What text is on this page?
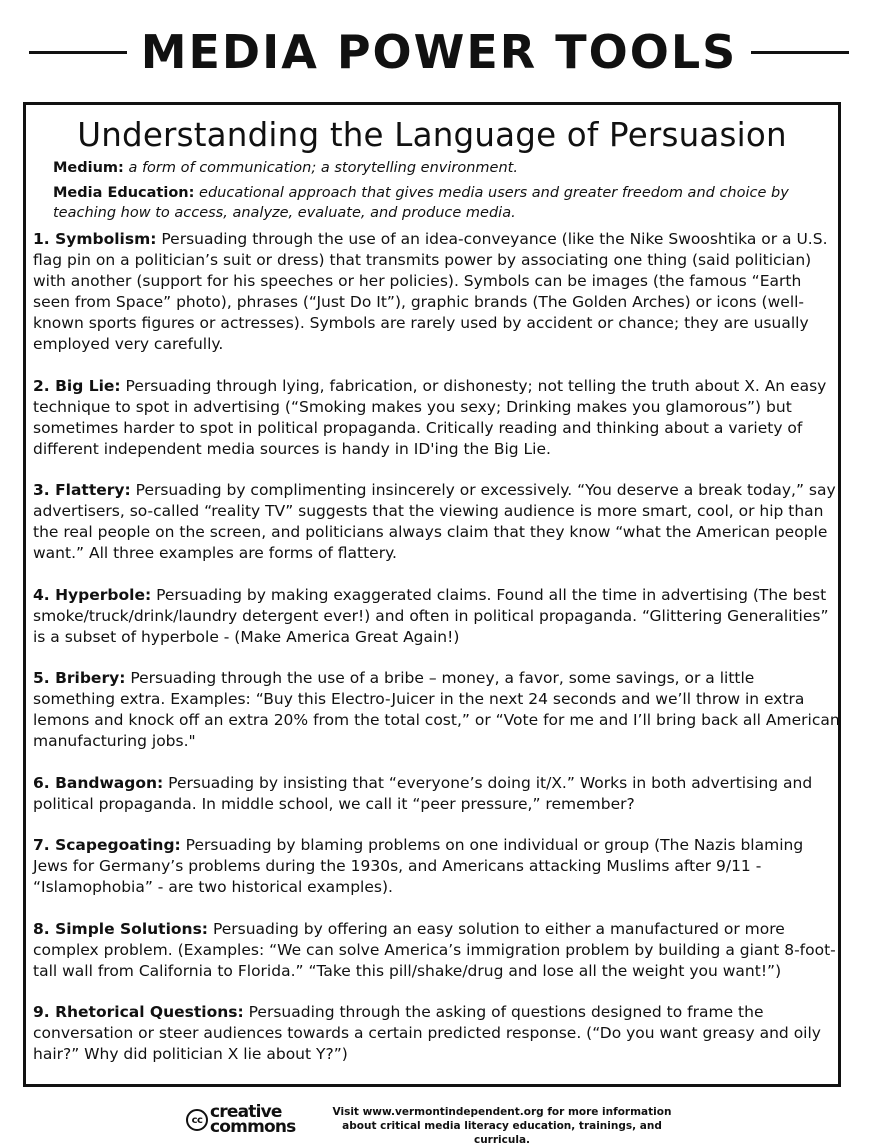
MEDIA POWER TOOLS
Understanding the Language of Persuasion
Medium: a form of communication; a storytelling environment.
Media Education: educational approach that gives media users and greater freedom and choice by teaching how to access, analyze, evaluate, and produce media.

1. Symbolism: Persuading through the use of an idea-conveyance (like the Nike Swooshtika or a U.S. flag pin on a politician’s suit or dress) that transmits power by associating one thing (said politician) with another (support for his speeches or her policies). Symbols can be images (the famous “Earth seen from Space” photo), phrases (“Just Do It”), graphic brands (The Golden Arches) or icons (well-known sports figures or actresses). Symbols are rarely used by accident or chance; they are usually employed very carefully.

2. Big Lie: Persuading through lying, fabrication, or dishonesty; not telling the truth about X. An easy technique to spot in advertising (“Smoking makes you sexy; Drinking makes you glamorous”) but sometimes harder to spot in political propaganda. Critically reading and thinking about a variety of different independent media sources is handy in ID'ing the Big Lie.

3. Flattery: Persuading by complimenting insincerely or excessively. “You deserve a break today,” say advertisers, so-called “reality TV” suggests that the viewing audience is more smart, cool, or hip than the real people on the screen, and politicians always claim that they know “what the American people want.” All three examples are forms of flattery.

4. Hyperbole: Persuading by making exaggerated claims. Found all the time in advertising (The best smoke/truck/drink/laundry detergent ever!) and often in political propaganda. “Glittering Generalities” is a subset of hyperbole - (Make America Great Again!)

5. Bribery: Persuading through the use of a bribe – money, a favor, some savings, or a little something extra. Examples: “Buy this Electro-Juicer in the next 24 seconds and we’ll throw in extra lemons and knock off an extra 20% from the total cost,” or “Vote for me and I’ll bring back all American manufacturing jobs."

6. Bandwagon: Persuading by insisting that “everyone’s doing it/X.” Works in both advertising and political propaganda. In middle school, we call it “peer pressure,” remember?

7. Scapegoating: Persuading by blaming problems on one individual or group (The Nazis blaming Jews for Germany’s problems during the 1930s, and Americans attacking Muslims after 9/11 - “Islamophobia” - are two historical examples).

8. Simple Solutions: Persuading by offering an easy solution to either a manufactured or more complex problem. (Examples: “We can solve America’s immigration problem by building a giant 8-foot-tall wall from California to Florida.” “Take this pill/shake/drug and lose all the weight you want!”)

9. Rhetorical Questions: Persuading through the asking of questions designed to frame the conversation or steer audiences towards a certain predicted response. (“Do you want greasy and oily hair?” Why did politician X lie about Y?”)

cc creative
commons
Visit www.vermontindependent.org for more information
about critical media literacy education, trainings, and curricula.
